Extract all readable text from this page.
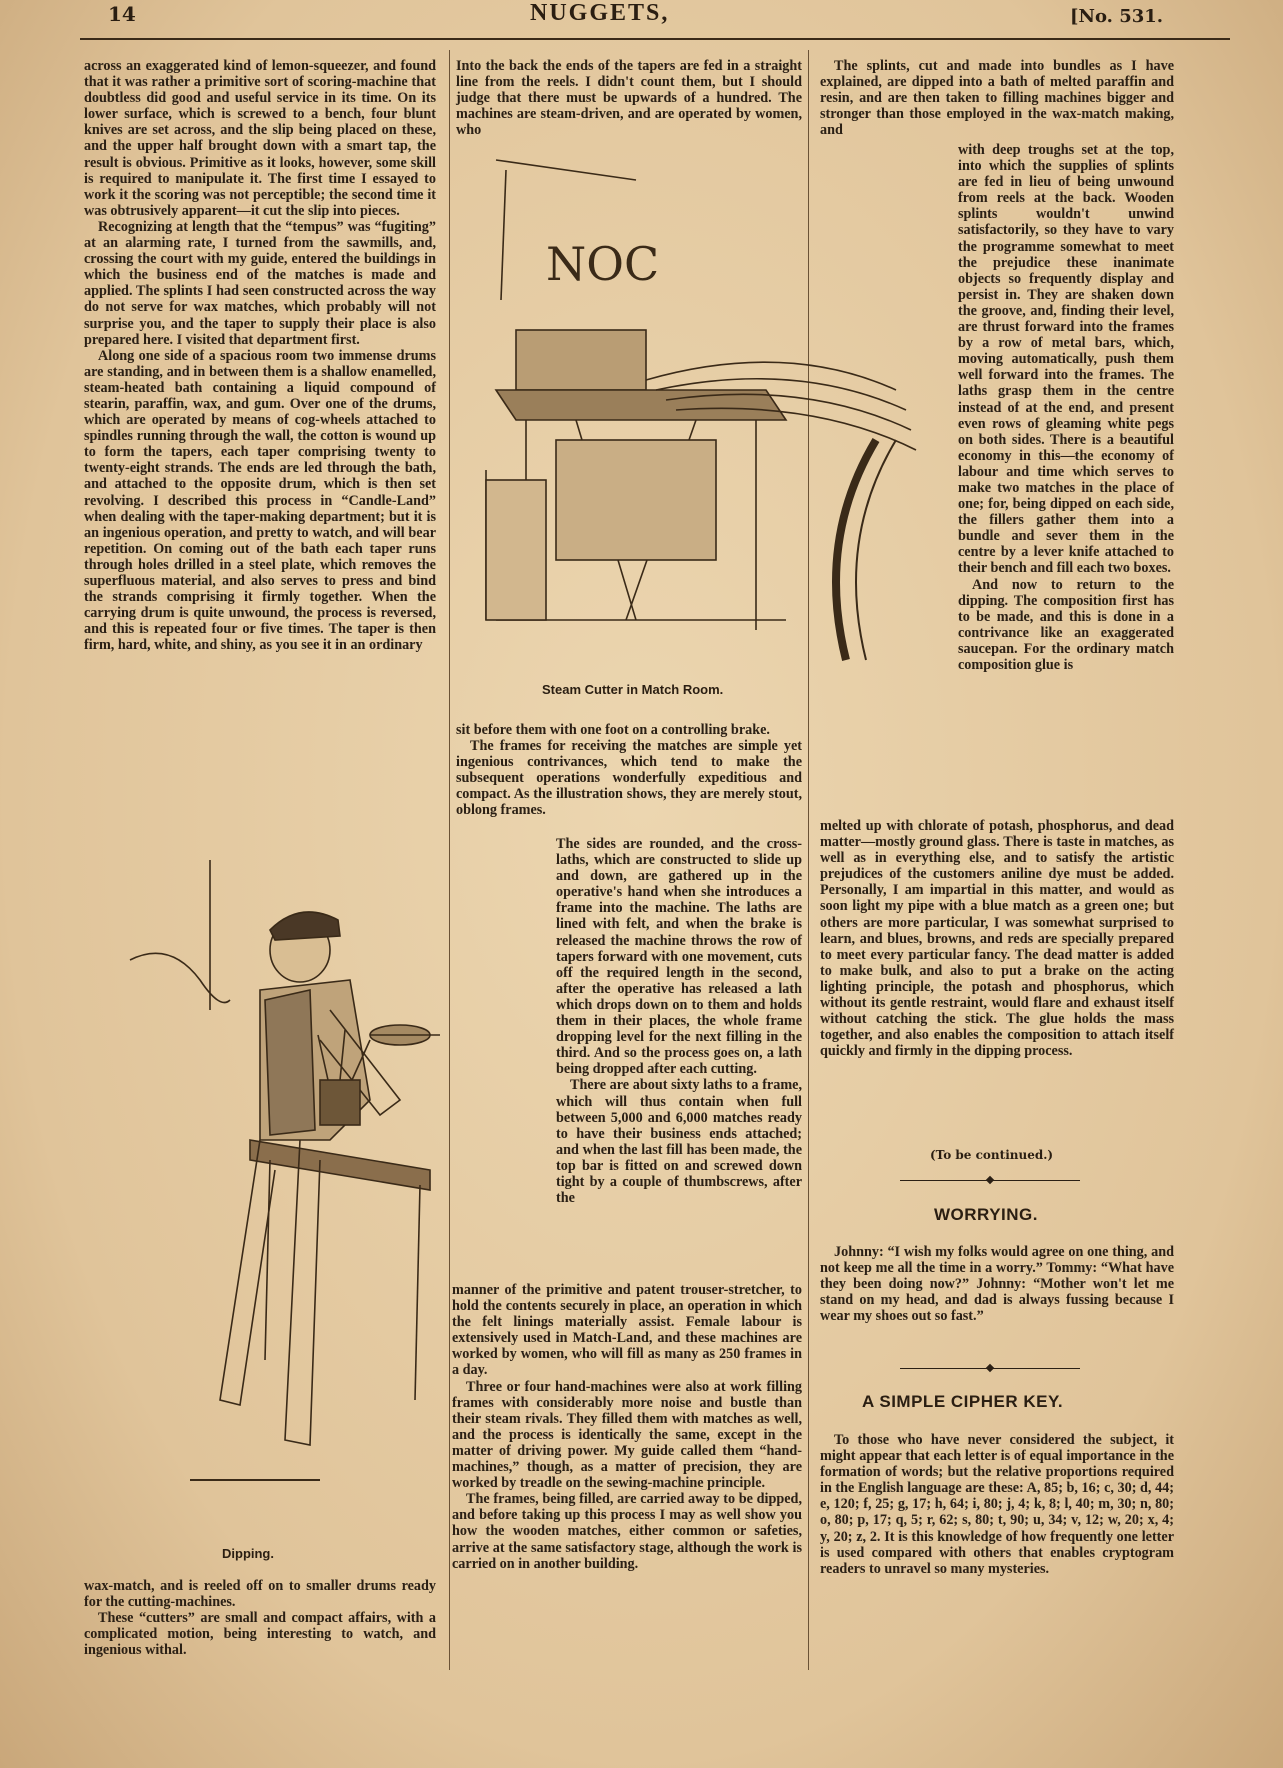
14	NUGGETS,	[No. 531.

across an exaggerated kind of lemon-squeezer, and found that it was rather a primitive sort of scoring-machine that doubtless did good and useful service in its time. On its lower surface, which is screwed to a bench, four blunt knives are set across, and the slip being placed on these, and the upper half brought down with a smart tap, the result is obvious. Primitive as it looks, however, some skill is required to manipulate it. The first time I essayed to work it the scoring was not perceptible; the second time it was obtrusively apparent—it cut the slip into pieces.

Recognizing at length that the “tempus” was “fugiting” at an alarming rate, I turned from the sawmills, and, crossing the court with my guide, entered the buildings in which the business end of the matches is made and applied. The splints I had seen constructed across the way do not serve for wax matches, which probably will not surprise you, and the taper to supply their place is also prepared here. I visited that department first.

Along one side of a spacious room two immense drums are standing, and in between them is a shallow enamelled, steam-heated bath containing a liquid compound of stearin, paraffin, wax, and gum. Over one of the drums, which are operated by means of cog-wheels attached to spindles running through the wall, the cotton is wound up to form the tapers, each taper comprising twenty to twenty-eight strands. The ends are led through the bath, and attached to the opposite drum, which is then set revolving. I described this process in “Candle-Land” when dealing with the taper-making department; but it is an ingenious operation, and pretty to watch, and will bear repetition. On coming out of the bath each taper runs through holes drilled in a steel plate, which removes the superfluous material, and also serves to press and bind the strands comprising it firmly together. When the carrying drum is quite unwound, the process is reversed, and this is repeated four or five times. The taper is then firm, hard, white, and shiny, as you see it in an ordinary

Dipping.

wax-match, and is reeled off on to smaller drums ready for the cutting-machines.

These “cutters” are small and compact affairs, with a complicated motion, being interesting to watch, and ingenious withal.

Into the back the ends of the tapers are fed in a straight line from the reels. I didn't count them, but I should judge that there must be upwards of a hundred. The machines are steam-driven, and are operated by women, who

NOC
Steam Cutter in Match Room.

sit before them with one foot on a controlling brake.

The frames for receiving the matches are simple yet ingenious contrivances, which tend to make the subsequent operations wonderfully expeditious and compact. As the illustration shows, they are merely stout, oblong frames.

The sides are rounded, and the cross-laths, which are constructed to slide up and down, are gathered up in the operative's hand when she introduces a frame into the machine. The laths are lined with felt, and when the brake is released the machine throws the row of tapers forward with one movement, cuts off the required length in the second, after the operative has released a lath which drops down on to them and holds them in their places, the whole frame dropping level for the next filling in the third. And so the process goes on, a lath being dropped after each cutting.

There are about sixty laths to a frame, which will thus contain when full between 5,000 and 6,000 matches ready to have their business ends attached; and when the last fill has been made, the top bar is fitted on and screwed down tight by a couple of thumbscrews, after the

manner of the primitive and patent trouser-stretcher, to hold the contents securely in place, an operation in which the felt linings materially assist. Female labour is extensively used in Match-Land, and these machines are worked by women, who will fill as many as 250 frames in a day.

Three or four hand-machines were also at work filling frames with considerably more noise and bustle than their steam rivals. They filled them with matches as well, and the process is identically the same, except in the matter of driving power. My guide called them “hand-machines,” though, as a matter of precision, they are worked by treadle on the sewing-machine principle.

The frames, being filled, are carried away to be dipped, and before taking up this process I may as well show you how the wooden matches, either common or safeties, arrive at the same satisfactory stage, although the work is carried on in another building.

The splints, cut and made into bundles as I have explained, are dipped into a bath of melted paraffin and resin, and are then taken to filling machines bigger and stronger than those employed in the wax-match making, and

with deep troughs set at the top, into which the supplies of splints are fed in lieu of being unwound from reels at the back. Wooden splints wouldn't unwind satisfactorily, so they have to vary the programme somewhat to meet the prejudice these inanimate objects so frequently display and persist in. They are shaken down the groove, and, finding their level, are thrust forward into the frames by a row of metal bars, which, moving automatically, push them well forward into the frames. The laths grasp them in the centre instead of at the end, and present even rows of gleaming white pegs on both sides. There is a beautiful economy in this—the economy of labour and time which serves to make two matches in the place of one; for, being dipped on each side, the fillers gather them into a bundle and sever them in the centre by a lever knife attached to their bench and fill each two boxes.

And now to return to the dipping. The composition first has to be made, and this is done in a contrivance like an exaggerated saucepan. For the ordinary match composition glue is

melted up with chlorate of potash, phosphorus, and dead matter—mostly ground glass. There is taste in matches, as well as in everything else, and to satisfy the artistic prejudices of the customers aniline dye must be added. Personally, I am impartial in this matter, and would as soon light my pipe with a blue match as a green one; but others are more particular, I was somewhat surprised to learn, and blues, browns, and reds are specially prepared to meet every particular fancy. The dead matter is added to make bulk, and also to put a brake on the acting lighting principle, the potash and phosphorus, which without its gentle restraint, would flare and exhaust itself without catching the stick. The glue holds the mass together, and also enables the composition to attach itself quickly and firmly in the dipping process.

(To be continued.)
WORRYING.

Johnny: “I wish my folks would agree on one thing, and not keep me all the time in a worry.” Tommy: “What have they been doing now?” Johnny: “Mother won't let me stand on my head, and dad is always fussing because I wear my shoes out so fast.”

A SIMPLE CIPHER KEY.

To those who have never considered the subject, it might appear that each letter is of equal importance in the formation of words; but the relative proportions required in the English language are these: A, 85; b, 16; c, 30; d, 44; e, 120; f, 25; g, 17; h, 64; i, 80; j, 4; k, 8; l, 40; m, 30; n, 80; o, 80; p, 17; q, 5; r, 62; s, 80; t, 90; u, 34; v, 12; w, 20; x, 4; y, 20; z, 2. It is this knowledge of how frequently one letter is used compared with others that enables cryptogram readers to unravel so many mysteries.
